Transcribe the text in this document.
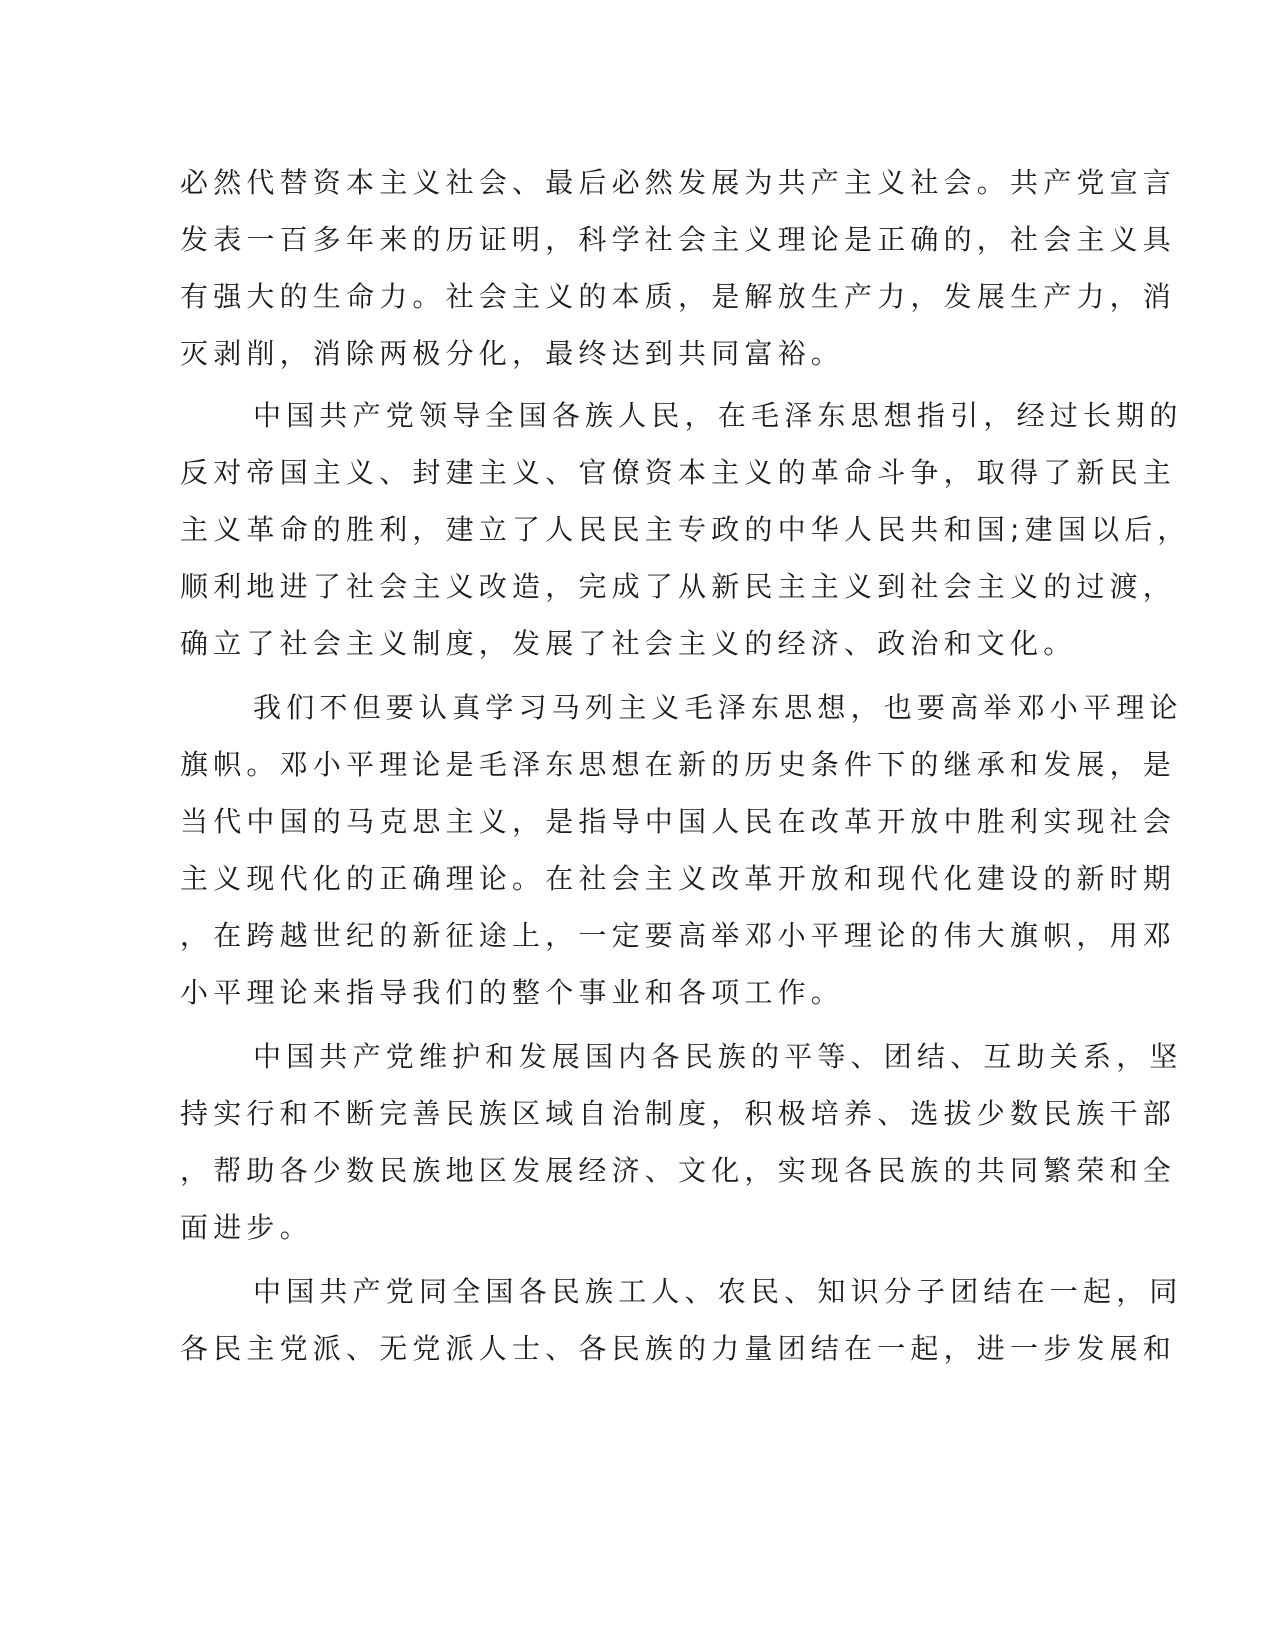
必然代替资本主义社会、最后必然发展为共产主义社会。共产党宣言
发表一百多年来的历证明，科学社会主义理论是正确的，社会主义具
有强大的生命力。社会主义的本质，是解放生产力，发展生产力，消
灭剥削，消除两极分化，最终达到共同富裕。
中国共产党领导全国各族人民，在毛泽东思想指引，经过长期的
反对帝国主义、封建主义、官僚资本主义的革命斗争，取得了新民主
主义革命的胜利，建立了人民民主专政的中华人民共和国;建国以后，
顺利地进了社会主义改造，完成了从新民主主义到社会主义的过渡，
确立了社会主义制度，发展了社会主义的经济、政治和文化。
我们不但要认真学习马列主义毛泽东思想，也要高举邓小平理论
旗帜。邓小平理论是毛泽东思想在新的历史条件下的继承和发展，是
当代中国的马克思主义，是指导中国人民在改革开放中胜利实现社会
主义现代化的正确理论。在社会主义改革开放和现代化建设的新时期
，在跨越世纪的新征途上，一定要高举邓小平理论的伟大旗帜，用邓
小平理论来指导我们的整个事业和各项工作。
中国共产党维护和发展国内各民族的平等、团结、互助关系，坚
持实行和不断完善民族区域自治制度，积极培养、选拔少数民族干部
，帮助各少数民族地区发展经济、文化，实现各民族的共同繁荣和全
面进步。
中国共产党同全国各民族工人、农民、知识分子团结在一起，同
各民主党派、无党派人士、各民族的力量团结在一起，进一步发展和
